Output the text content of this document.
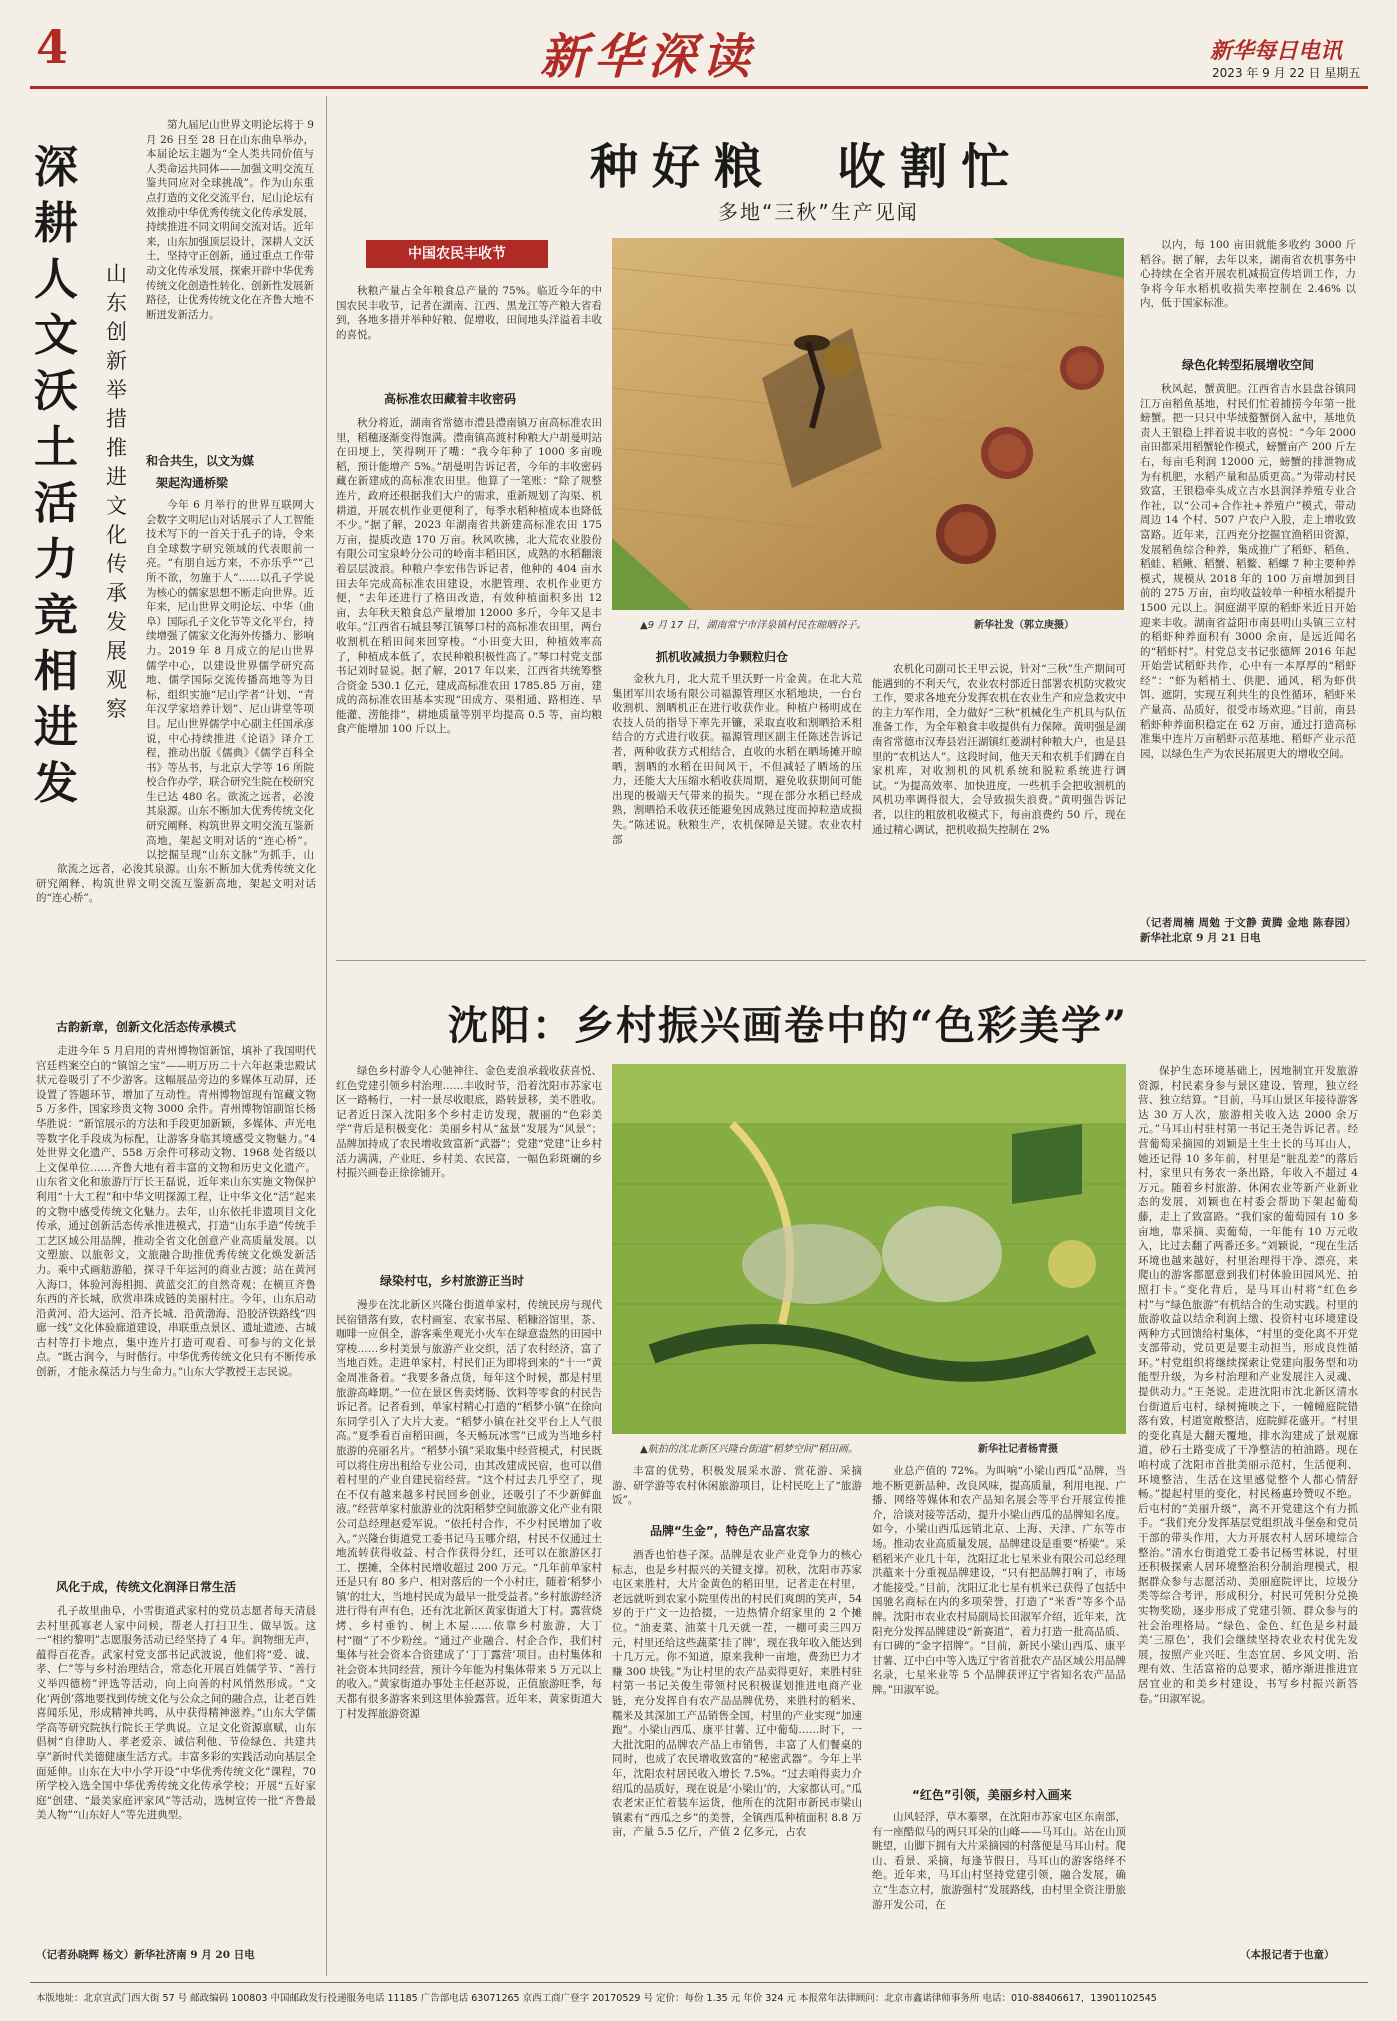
4	新华深读	新华每日电讯
2023 年 9 月 22 日 星期五
深耕人文沃土 活力竞相进发
山东创新举措推进文化传承发展观察

第九届尼山世界文明论坛将于 9 月 26 日至 28 日在山东曲阜举办，本届论坛主题为“全人类共同价值与人类命运共同体——加强文明交流互鉴共同应对全球挑战”。作为山东重点打造的文化交流平台，尼山论坛有效推动中华优秀传统文化传承发展，持续推进不同文明间交流对话。近年来，山东加强顶层设计，深耕人文沃土，坚持守正创新，通过重点工作带动文化传承发展，探索开辟中华优秀传统文化创造性转化、创新性发展新路径，让优秀传统文化在齐鲁大地不断迸发新活力。

和合共生，以文为媒
架起沟通桥梁

今年 6 月举行的世界互联网大会数字文明尼山对话展示了人工智能技术写下的一首关于孔子的诗，令来自全球数字研究领域的代表眼前一亮。“有朋自远方来，不亦乐乎”“己所不欲，勿施于人”……以孔子学说为核心的儒家思想不断走向世界。近年来，尼山世界文明论坛、中华（曲阜）国际孔子文化节等文化平台，持续增强了儒家文化海外传播力、影响力。2019 年 8 月成立的尼山世界儒学中心，以建设世界儒学研究高地、儒学国际交流传播高地等为目标，组织实施“尼山学者”计划、“青年汉学家培养计划”、尼山讲堂等项目。尼山世界儒学中心副主任国承彦说，中心持续推进《论语》译介工程，推动出版《儒典》《儒学百科全书》等丛书，与北京大学等 16 所院校合作办学，联合研究生院在校研究生已达 480 名。欲流之远者，必浚其泉源。山东不断加大优秀传统文化研究阐释、构筑世界文明交流互鉴新高地，架起文明对话的“连心桥”。以挖掘呈现“山东文脉”为抓手，山

欲流之远者，必浚其泉源。山东不断加大优秀传统文化研究阐释、构筑世界文明交流互鉴新高地，架起文明对话的“连心桥”。

古韵新章，创新文化活态传承模式

走进今年 5 月启用的青州博物馆新馆，填补了我国明代宫廷档案空白的“镇馆之宝”——明万历二十六年赵秉忠殿试状元卷吸引了不少游客。这幅展品旁边的多媒体互动屏，还设置了答题环节，增加了互动性。青州博物馆现有馆藏文物 5 万多件，国家珍贵文物 3000 余件。青州博物馆副馆长杨华胜说：“新馆展示的方法和手段更加新颖，多媒体、声光电等数字化手段成为标配，让游客身临其境感受文物魅力。”4 处世界文化遗产、558 万余件可移动文物、1968 处省级以上文保单位……齐鲁大地有着丰富的文物和历史文化遗产。山东省文化和旅游厅厅长王磊说，近年来山东实施文物保护利用“十大工程”和中华文明探源工程，让中华文化“活”起来的文物中感受传统文化魅力。去年，山东依托非遗项目文化传承，通过创新活态传承推进模式，打造“山东手造”传统手工艺区域公用品牌，推动全省文化创意产业高质量发展。以文塑旅、以旅彰文，文旅融合助推优秀传统文化焕发新活力。乘中式画舫游船，探寻千年运河的商业古渡；站在黄河入海口，体验河海相拥、黄蓝交汇的自然奇观；在横亘齐鲁东西的齐长城，欣赏串珠成链的美丽村庄。今年，山东启动沿黄河、沿大运河、沿齐长城、沿黄渤海、沿胶济铁路线“四廊一线”文化体验廊道建设，串联重点景区、遗址遗迹、古城古村等打卡地点，集中连片打造可观看、可参与的文化景点。“既古润今，与时偕行。中华优秀传统文化只有不断传承创新，才能永葆活力与生命力。”山东大学教授王志民说。

风化于成，传统文化润泽日常生活

孔子故里曲阜，小雪街道武家村的党员志愿者每天清晨去村里孤寡老人家中问候，帮老人打扫卫生、做早饭。这一“相约黎明”志愿服务活动已经坚持了 4 年。润物细无声，蕴得百花香。武家村党支部书记武波说，他们将“爱、诚、孝、仁”等与乡村治理结合，常态化开展百姓儒学节、“善行义举四德榜”评选等活动，向上向善的村风悄然形成。“文化‘两创’落地要找到传统文化与公众之间的融合点，让老百姓喜闻乐见，形成精神共鸣，从中获得精神滋养。”山东大学儒学高等研究院执行院长王学典说。立足文化资源禀赋，山东倡树“自律助人、孝老爱亲、诚信利他、节俭绿色、共建共享”新时代美德健康生活方式。丰富多彩的实践活动向基层全面延伸。山东在大中小学开设“中华优秀传统文化”课程，70 所学校入选全国中华优秀传统文化传承学校；开展“五好家庭”创建、“最美家庭评家风”等活动，选树宣传一批“齐鲁最美人物”“山东好人”等先进典型。

（记者孙晓辉 杨文）新华社济南 9 月 20 日电
种好粮  收割忙
多地“三秋”生产见闻
中国农民丰收节

秋粮产量占全年粮食总产量的 75%。临近今年的中国农民丰收节，记者在湖南、江西、黑龙江等产粮大省看到，各地多措并举种好粮、促增收，田间地头洋溢着丰收的喜悦。

高标准农田藏着丰收密码

秋分将近，湖南省常德市澧县澧南镇万亩高标准农田里，稻穗逐渐变得饱满。澧南镇高渡村种粮大户胡曼明站在田埂上，笑得咧开了嘴：“我今年种了 1000 多亩晚稻，预计能增产 5%。”胡曼明告诉记者，今年的丰收密码藏在新建成的高标准农田里。他算了一笔账：“除了规整连片，政府还根据我们大户的需求，重新规划了沟渠、机耕道，开展农机作业更便利了，每季水稻种植成本也降低不少。”据了解，2023 年湖南省共新建高标准农田 175 万亩，提质改造 170 万亩。秋风吹拂，北大荒农业股份有限公司宝泉岭分公司的岭南丰稻田区，成熟的水稻翻滚着层层波浪。种粮户李宏伟告诉记者，他种的 404 亩水田去年完成高标准农田建设，水肥管理、农机作业更方便，“去年还进行了格田改造，有效种植面积多出 12 亩，去年秋天粮食总产量增加 12000 多斤，今年又是丰收年。”江西省石城县琴江镇琴口村的高标准农田里，两台收割机在稻田间来回穿梭。“小田变大田，种植效率高了，种植成本低了，农民种粮积极性高了。”琴口村党支部书记刘时显说。据了解，2017 年以来，江西省共统筹整合资金 530.1 亿元，建成高标准农田 1785.85 万亩，建成的高标准农田基本实现“田成方、渠相通、路相连、旱能灌、涝能排”，耕地质量等别平均提高 0.5 等，亩均粮食产能增加 100 斤以上。

▲9 月 17 日，湖南常宁市洋泉镇村民在晾晒谷子。	新华社发（郭立庚摄）
抓机收减损力争颗粒归仓

金秋九月，北大荒千里沃野一片金黄。在北大荒集团军川农场有限公司福源管理区水稻地块，一台台收割机、割晒机正在进行收获作业。种植户杨明成在农技人员的指导下率先开镰，采取直收和割晒拾禾相结合的方式进行收获。福源管理区副主任陈述告诉记者，两种收获方式相结合，直收的水稻在晒场摊开晾晒，割晒的水稻在田间风干，不但减轻了晒场的压力，还能大大压缩水稻收获周期，避免收获期间可能出现的极端天气带来的损失。“现在部分水稻已经成熟，割晒拾禾收获还能避免因成熟过度而掉粒造成损失。”陈述说。秋粮生产，农机保障是关键。农业农村部

农机化司副司长王甲云说，针对“三秋”生产期间可能遇到的不利天气，农业农村部近日部署农机防灾救灾工作，要求各地充分发挥农机在农业生产和应急救灾中的主力军作用，全力做好“三秋”机械化生产机具与队伍准备工作，为全年粮食丰收提供有力保障。黄明强是湖南省常德市汉寿县岩汪湖镇红菱湖村种粮大户，也是县里的“农机达人”。这段时间，他天天和农机手们蹲在自家机库，对收割机的风机系统和脱粒系统进行调试。“为提高效率、加快进度，一些机手会把收割机的风机功率调得很大，会导致损失浪费。”黄明强告诉记者，以往的粗放机收模式下，每亩浪费约 50 斤，现在通过精心调试，把机收损失控制在 2%

以内，每 100 亩田就能多收约 3000 斤稻谷。据了解，去年以来，湖南省农机事务中心持续在全省开展农机减损宣传培训工作，力争将今年水稻机收损失率控制在 2.46% 以内，低于国家标准。

绿色化转型拓展增收空间

秋风起，蟹黄肥。江西省吉水县盘谷镇同江万亩稻鱼基地，村民们忙着捕捞今年第一批螃蟹。把一只只中华绒螯蟹倒入盆中，基地负责人王银稳上拌着说丰收的喜悦：“今年 2000 亩田都采用稻蟹轮作模式，螃蟹亩产 200 斤左右，每亩毛利润 12000 元，螃蟹的排泄物成为有机肥，水稻产量和品质更高。”为带动村民致富，王银稳牵头成立吉水县润泽养殖专业合作社，以“公司+合作社+养殖户”模式，带动周边 14 个村、507 户农户入股，走上增收致富路。近年来，江西充分挖掘宜渔稻田资源，发展稻鱼综合种养，集成推广了稻虾、稻鱼、稻蛙、稻鳅、稻蟹、稻鳖、稻螺 7 种主要种养模式，规模从 2018 年的 100 万亩增加到目前的 275 万亩，亩均收益较单一种植水稻提升 1500 元以上。洞庭湖平原的稻虾米近日开始迎来丰收。湖南省益阳市南县明山头镇三立村的稻虾种养面积有 3000 余亩，是远近闻名的“稻虾村”。村党总支书记张德辉 2016 年起开始尝试稻虾共作，心中有一本厚厚的“稻虾经”：“虾为稻梢土、供肥、通风，稻为虾供饵、遮阴，实现互利共生的良性循环，稻虾米产量高、品质好，很受市场欢迎。”目前，南县稻虾种养面积稳定在 62 万亩，通过打造高标准集中连片万亩稻虾示范基地、稻虾产业示范园，以绿色生产为农民拓展更大的增收空间。

（记者周楠 周勉 于文静 黄腾 金地 陈春园）新华社北京 9 月 21 日电
沈阳：乡村振兴画卷中的“色彩美学”

绿色乡村游令人心驰神往、金色麦浪承载收获喜悦、红色党建引领乡村治理……丰收时节，沿着沈阳市苏家屯区一路畅行，一村一景尽收眼底，路转景移，美不胜收。记者近日深入沈阳多个乡村走访发现，靓丽的“色彩美学”背后是积极变化：美丽乡村从“盆景”发展为“风景”；品牌加持成了农民增收致富新“武器”；党建“党建”让乡村活力满满，产业旺、乡村美、农民富，一幅色彩斑斓的乡村振兴画卷正徐徐铺开。

绿染村屯，乡村旅游正当时

漫步在沈北新区兴隆台街道单家村，传统民房与现代民宿错落有致，农村画室、农家书屋、稻糠浴馆里，茶、咖啡一应俱全，游客乘坐观光小火车在绿意盎然的田园中穿梭……乡村美景与旅游产业交织，活了农村经济，富了当地百姓。走进单家村，村民们正为即将到来的“十一”黄金周准备着。“我要多备点货，每年这个时候，都是村里旅游高峰期。”一位在景区售卖烤肠、饮料等零食的村民告诉记者。记者看到，单家村精心打造的“稻梦小镇”在徐向东同学引入了大片大麦。“稻梦小镇在社交平台上人气很高。”夏季看百亩稻田画，冬天畅玩冰雪”已成为当地乡村旅游的亮丽名片。“稻梦小镇”采取集中经营模式，村民既可以将住房出租给专业公司，由其改建成民宿，也可以借着村里的产业自建民宿经营。“这个村过去几乎空了，现在不仅有越来越多村民回乡创业，还吸引了不少新鲜血液。”经营单家村旅游业的沈阳稻梦空间旅游文化产业有限公司总经理赵爱军说。“依托村合作，不少村民增加了收入。”兴隆台街道党工委书记马玉哪介绍，村民不仅通过土地流转获得收益、村合作获得分红，还可以在旅游区打工、摆摊，全体村民增收超过 200 万元。“几年前单家村还是只有 80 多户、相对落后的一个小村庄，随着‘稻梦小镇’的壮大，当地村民成为最早一批受益者。”乡村旅游经济进行得有声有色，还有沈北新区黄家街道大丁村。露营烧烤、乡村垂钓、树上木屋……依靠乡村旅游，大丁村“圈”了不少粉丝。“通过产业融合、村企合作，我们村集体与社会资本合资建成了‘丁丁露营’项目。由村集体和社会资本共同经营，预计今年能为村集体带来 5 万元以上的收入。”黄家街道办事处主任赵苏说，正值旅游旺季，每天都有很多游客来到这里体验露营。近年来，黄家街道大丁村发挥旅游资源

▲航拍的沈北新区兴隆台街道“稻梦空间”稻田画。	新华社记者杨青摄

丰富的优势，积极发展采水游、赏花游、采摘游、研学游等农村休闲旅游项目，让村民吃上了“旅游饭”。

品牌“生金”，特色产品富农家

酒香也怕巷子深。品牌是农业产业竞争力的核心标志，也是乡村振兴的关键支撑。初秋，沈阳市苏家屯区来胜村，大片金黄色的稻田里，记者走在村里，老远就听到农家小院里传出的村民们爽朗的笑声，54 岁的于广文一边拾掇，一边热情介绍家里的 2 个摊位。“油麦菜、油菜十几天就一茬，一棚可卖三四万元，村里还给这些蔬菜‘挂了牌’，现在我年收入能达到十几万元。你不知道，原来我种一亩地，费劲巴力才赚 300 块钱。”为让村里的农产品卖得更好，来胜村驻村第一书记关俊生带领村民积极谋划推进电商产业链，充分发挥自有农产品品牌优势，来胜村的稻米、糯米及其深加工产品销售全国，村里的产业实现“加速跑”。小梁山西瓜、康平甘薯、辽中葡萄……时下，一大批沈阳的品牌农产品上市销售，丰富了人们餐桌的同时，也成了农民增收致富的“秘密武器”。今年上半年，沈阳农村居民收入增长 7.5%。“过去咱得卖力介绍瓜的品质好，现在说是‘小梁山’的，大家都认可。”瓜农老宋正忙着装车运货，他所在的沈阳市新民市梁山镇素有“西瓜之乡”的美誉，全镇西瓜种植面积 8.8 万亩，产量 5.5 亿斤，产值 2 亿多元，占农

业总产值的 72%。为叫响“小梁山西瓜”品牌，当地不断更新品种、改良风味，提高质量，利用电视、广播、网络等媒体和农产品知名展会等平台开展宣传推介，洽谈对接等活动，提升小梁山西瓜的品牌知名度。如今，小梁山西瓜远销北京、上海、天津、广东等市场。推动农业高质量发展，品牌建设是重要“桥梁”。采稻稻米产业几十年，沈阳辽北七星米业有限公司总经理洪蕴来十分重视品牌建设，“只有把品牌打响了，市场才能接受。”目前，沈阳辽北七星有机米已获得了包括中国驰名商标在内的多项荣誉，打造了“米香”等多个品牌。沈阳市农业农村局副局长田淑军介绍，近年来，沈阳充分发挥品牌建设“新赛道”，着力打造一批高品质、有口碑的“金字招牌”。“目前，新民小梁山西瓜、康平甘薯、辽中白中等入选辽宁省首批农产品区域公用品牌名录，七星米业等 5 个品牌获评辽宁省知名农产品品牌。”田淑军说。

“红色”引领，美丽乡村入画来

山风轻浮，草木蓁翠，在沈阳市苏家屯区东南部，有一座酷似马的两只耳朵的山峰——马耳山。站在山顶眺望，山脚下拥有大片采摘园的村落便是马耳山村。爬山、看景、采摘，每逢节假日，马耳山的游客络绎不绝。近年来，马耳山村坚持党建引领，融合发展，确立“生态立村，旅游强村”发展路线，由村里全资注册旅游开发公司，在

保护生态环境基础上，因地制宜开发旅游资源，村民素身参与景区建设、管理，独立经营、独立结算。“目前，马耳山景区年接待游客达 30 万人次，旅游相关收入达 2000 余万元。”马耳山村驻村第一书记王尧告诉记者。经营葡萄采摘园的刘颖是土生土长的马耳山人，她还记得 10 多年前，村里是“脏乱差”的落后村，家里只有务农一条出路，年收入不超过 4 万元。随着乡村旅游、休闲农业等新产业新业态的发展，刘颖也在村委会帮助下架起葡萄藤，走上了致富路。“我们家的葡萄园有 10 多亩地，靠采摘、卖葡萄，一年能有 10 万元收入，比过去翻了两番还多。”刘颖说，“现在生活环境也越来越好，村里治理得干净、漂亮，来爬山的游客都愿意到我们村体验田园风光、拍照打卡。”变化背后，是马耳山村将“红色乡村”与“绿色旅游”有机结合的生动实践。村里的旅游收益以结余利润上缴、投资村屯环境建设两种方式回馈给村集体，“村里的变化离不开党支部带动，党员更是要主动担当，形成良性循环。”村党组织将继续探索让党建向服务型和功能型升级，为乡村治理和产业发展注入灵魂、提供动力。”王尧说。走进沈阳市沈北新区清水台街道后屯村，绿树掩映之下，一幢幢庭院错落有致，村道宽敞整洁，庭院鲜花盛开。“村里的变化真是大翻天覆地，排水沟建成了景观廊道，砂石土路变成了干净整洁的柏油路。现在咱村成了沈阳市首批美丽示范村，生活便利、环境整洁，生活在这里感觉整个人都心情舒畅。”提起村里的变化，村民杨惠玲赞叹不绝。后屯村的“美丽升级”，离不开党建这个有力抓手。“我们充分发挥基层党组织战斗堡垒和党员干部的带头作用，大力开展农村人居环境综合整治。”清水台街道党工委书记杨雪林说，村里还积极探索人居环境整治积分制治理模式，根据群众参与志愿活动、美丽庭院评比，垃圾分类等综合考评，形成积分，村民可凭积分兑换实物奖励，逐步形成了党建引领、群众参与的社会治理格局。“绿色、金色、红色是乡村最美‘三原色’，我们会继续坚持农业农村优先发展，按照产业兴旺、生态宜居、乡风文明、治理有效、生活富裕的总要求，循序渐进推进宜居宜业的和美乡村建设，书写乡村振兴新答卷。”田淑军说。

（本报记者于也童）
本版地址：北京宣武门西大街 57 号 邮政编码 100803 中国邮政发行投递服务电话 11185 广告部电话 63071265 京西工商广登字 20170529 号 定价：每份 1.35 元 年价 324 元 本报常年法律顾问：北京市鑫诺律师事务所 电话：010-88406617，13901102545
